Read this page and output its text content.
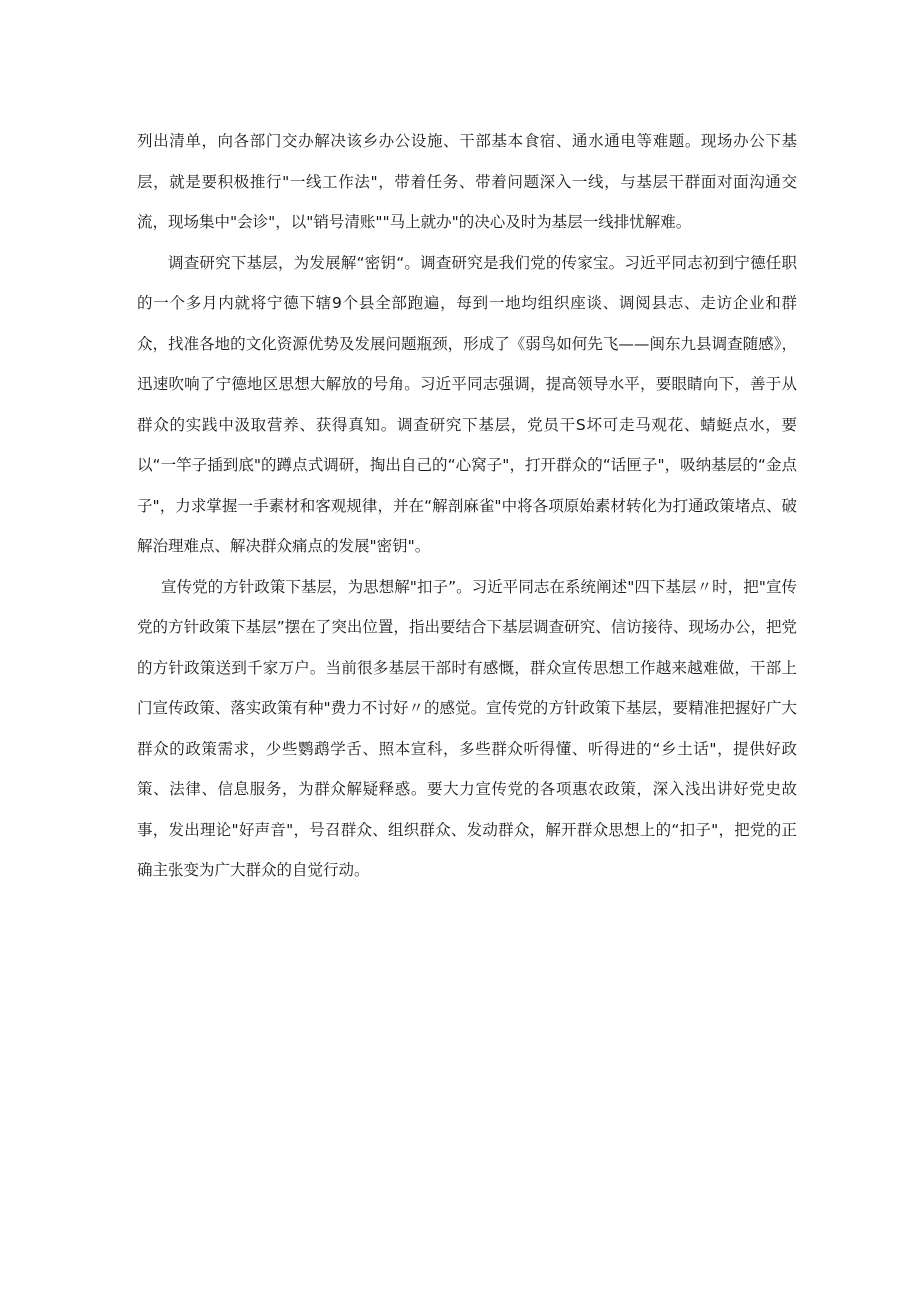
列出清单，向各部门交办解决该乡办公设施、干部基本食宿、通水通电等难题。现场办公下基层，就是要积极推行"一线工作法"，带着任务、带着问题深入一线，与基层干群面对面沟通交流，现场集中"会诊"，以"销号清账""马上就办"的决心及时为基层一线排忧解难。

调查研究下基层，为发展解“密钥“。调查研究是我们党的传家宝。习近平同志初到宁德任职的一个多月内就将宁德下辖9个县全部跑遍，每到一地均组织座谈、调阅县志、走访企业和群众，找准各地的文化资源优势及发展问题瓶颈，形成了《弱鸟如何先飞——闽东九县调查随感》，迅速吹响了宁德地区思想大解放的号角。习近平同志强调，提高领导水平，要眼睛向下，善于从群众的实践中汲取营养、获得真知。调查研究下基层，党员干S坏可走马观花、蜻蜓点水，要以“一竿子插到底"的蹲点式调研，掏出自己的“心窝子"，打开群众的“话匣子"，吸纳基层的“金点子"，力求掌握一手素材和客观规律，并在“解剖麻雀"中将各项原始素材转化为打通政策堵点、破解治理难点、解决群众痛点的发展"密钥"。

宣传党的方针政策下基层，为思想解"扣子”。习近平同志在系统阐述"四下基层〃时，把"宣传党的方针政策下基层”摆在了突出位置，指出要结合下基层调查研究、信访接待、现场办公，把党的方针政策送到千家万户。当前很多基层干部时有感慨，群众宣传思想工作越来越难做，干部上门宣传政策、落实政策有种"费力不讨好〃的感觉。宣传党的方针政策下基层，要精准把握好广大群众的政策需求，少些鹦鹉学舌、照本宣科，多些群众听得懂、听得进的“乡土话"，提供好政策、法律、信息服务，为群众解疑释惑。要大力宣传党的各项惠农政策，深入浅出讲好党史故事，发出理论"好声音"，号召群众、组织群众、发动群众，解开群众思想上的“扣子"，把党的正确主张变为广大群众的自觉行动。
